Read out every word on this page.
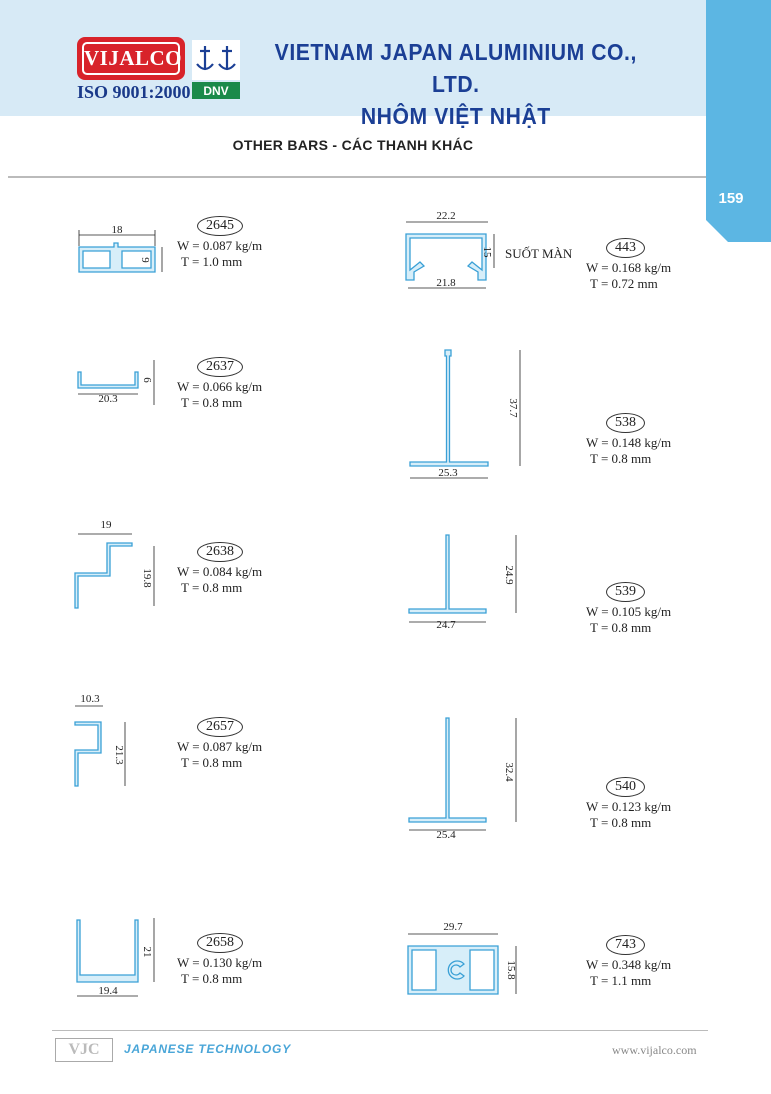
159
VIJALCO
ISO 9001:2000 DNV
VIETNAM JAPAN ALUMINIUM CO., LTD.
NHÔM VIỆT NHẬT
OTHER BARS - CÁC THANH KHÁC
18
9
20.3
6
19
19.8
10.3
21.3
19.4
21
22.2
21.8
15 SUỐT MÀN
25.3
37.7
24.7
24.9
25.4
32.4
29.7
15.8
2645
W = 0.087 kg/m
T = 1.0 mm
2637
W = 0.066 kg/m
T = 0.8 mm
2638
W = 0.084 kg/m
T = 0.8 mm
2657
W = 0.087 kg/m
T = 0.8 mm
2658
W = 0.130 kg/m
T = 0.8 mm
443
W = 0.168 kg/m
T = 0.72 mm
538
W = 0.148 kg/m
T = 0.8 mm
539
W = 0.105 kg/m
T = 0.8 mm
540
W = 0.123 kg/m
T = 0.8 mm
743
W = 0.348 kg/m
T = 1.1 mm
VJC	JAPANESE TECHNOLOGY	www.vijalco.com
